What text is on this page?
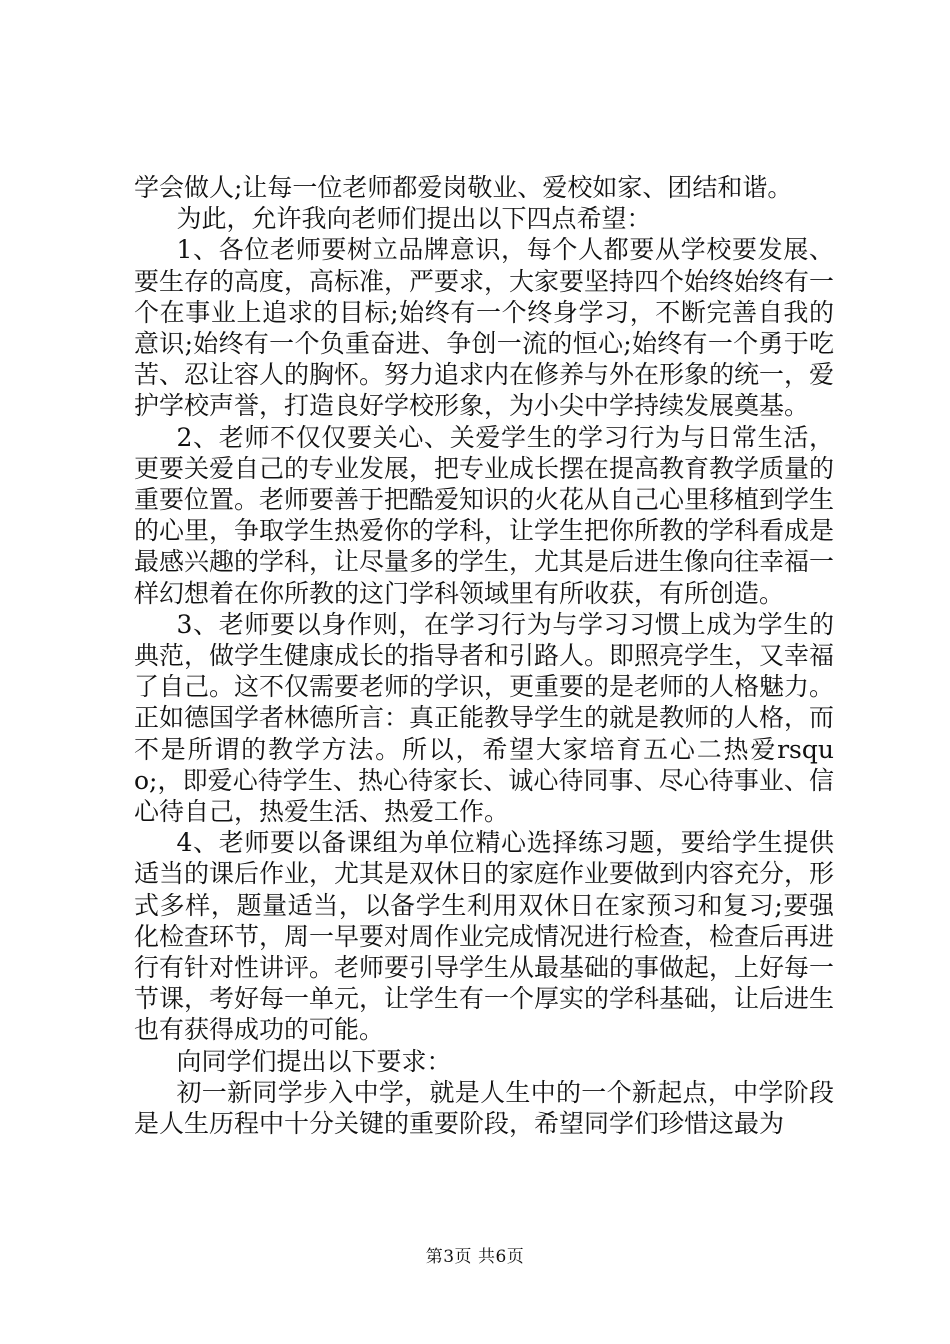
学会做人;让每一位老师都爱岗敬业、爱校如家、团结和谐。

为此，允许我向老师们提出以下四点希望：

1、各位老师要树立品牌意识，每个人都要从学校要发展、要生存的高度，高标准，严要求，大家要坚持四个始终始终有一个在事业上追求的目标;始终有一个终身学习，不断完善自我的意识;始终有一个负重奋进、争创一流的恒心;始终有一个勇于吃苦、忍让容人的胸怀。努力追求内在修养与外在形象的统一，爱护学校声誉，打造良好学校形象，为小尖中学持续发展奠基。

2、老师不仅仅要关心、关爱学生的学习行为与日常生活，更要关爱自己的专业发展，把专业成长摆在提高教育教学质量的重要位置。老师要善于把酷爱知识的火花从自己心里移植到学生的心里，争取学生热爱你的学科，让学生把你所教的学科看成是最感兴趣的学科，让尽量多的学生，尤其是后进生像向往幸福一样幻想着在你所教的这门学科领域里有所收获，有所创造。

3、老师要以身作则，在学习行为与学习习惯上成为学生的典范，做学生健康成长的指导者和引路人。即照亮学生，又幸福了自己。这不仅需要老师的学识，更重要的是老师的人格魅力。正如德国学者林德所言：真正能教导学生的就是教师的人格，而不是所谓的教学方法。所以，希望大家培育五心二热爱rsquo;，即爱心待学生、热心待家长、诚心待同事、尽心待事业、信心待自己，热爱生活、热爱工作。

4、老师要以备课组为单位精心选择练习题，要给学生提供适当的课后作业，尤其是双休日的家庭作业要做到内容充分，形式多样，题量适当，以备学生利用双休日在家预习和复习;要强化检查环节，周一早要对周作业完成情况进行检查，检查后再进行有针对性讲评。老师要引导学生从最基础的事做起，上好每一节课，考好每一单元，让学生有一个厚实的学科基础，让后进生也有获得成功的可能。

向同学们提出以下要求：

初一新同学步入中学，就是人生中的一个新起点，中学阶段是人生历程中十分关键的重要阶段，希望同学们珍惜这最为

第3页 共6页
